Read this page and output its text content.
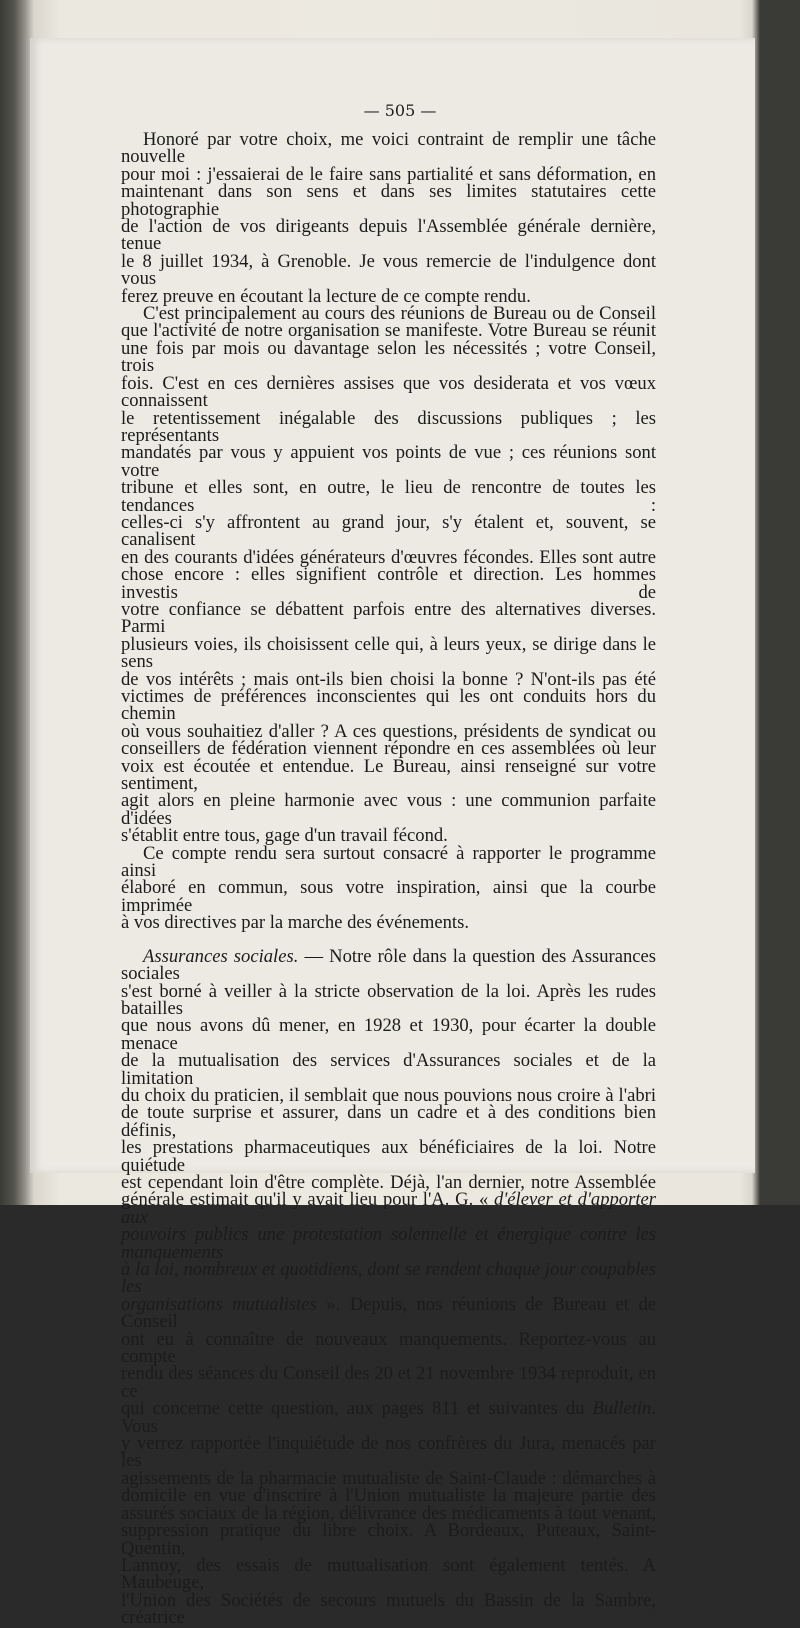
— 505 —

Honoré par votre choix, me voici contraint de remplir une tâche nouvelle
pour moi : j'essaierai de le faire sans partialité et sans déformation, en
maintenant dans son sens et dans ses limites statutaires cette photographie
de l'action de vos dirigeants depuis l'Assemblée générale dernière, tenue
le 8 juillet 1934, à Grenoble. Je vous remercie de l'indulgence dont vous
ferez preuve en écoutant la lecture de ce compte rendu.

C'est principalement au cours des réunions de Bureau ou de Conseil
que l'activité de notre organisation se manifeste. Votre Bureau se réunit
une fois par mois ou davantage selon les nécessités ; votre Conseil, trois
fois. C'est en ces dernières assises que vos desiderata et vos vœux connaissent
le retentissement inégalable des discussions publiques ; les représentants
mandatés par vous y appuient vos points de vue ; ces réunions sont votre
tribune et elles sont, en outre, le lieu de rencontre de toutes les tendances :
celles-ci s'y affrontent au grand jour, s'y étalent et, souvent, se canalisent
en des courants d'idées générateurs d'œuvres fécondes. Elles sont autre
chose encore : elles signifient contrôle et direction. Les hommes investis de
votre confiance se débattent parfois entre des alternatives diverses. Parmi
plusieurs voies, ils choisissent celle qui, à leurs yeux, se dirige dans le sens
de vos intérêts ; mais ont-ils bien choisi la bonne ? N'ont-ils pas été
victimes de préférences inconscientes qui les ont conduits hors du chemin
où vous souhaitiez d'aller ? A ces questions, présidents de syndicat ou
conseillers de fédération viennent répondre en ces assemblées où leur
voix est écoutée et entendue. Le Bureau, ainsi renseigné sur votre sentiment,
agit alors en pleine harmonie avec vous : une communion parfaite d'idées
s'établit entre tous, gage d'un travail fécond.

Ce compte rendu sera surtout consacré à rapporter le programme ainsi
élaboré en commun, sous votre inspiration, ainsi que la courbe imprimée
à vos directives par la marche des événements.

Assurances sociales. — Notre rôle dans la question des Assurances sociales
s'est borné à veiller à la stricte observation de la loi. Après les rudes batailles
que nous avons dû mener, en 1928 et 1930, pour écarter la double menace
de la mutualisation des services d'Assurances sociales et de la limitation
du choix du praticien, il semblait que nous pouvions nous croire à l'abri
de toute surprise et assurer, dans un cadre et à des conditions bien définis,
les prestations pharmaceutiques aux bénéficiaires de la loi. Notre quiétude
est cependant loin d'être complète. Déjà, l'an dernier, notre Assemblée
générale estimait qu'il y avait lieu pour l'A. G. « d'élever et d'apporter aux
pouvoirs publics une protestation solennelle et énergique contre les manquements
à la loi, nombreux et quotidiens, dont se rendent chaque jour coupables les
organisations mutualistes ». Depuis, nos réunions de Bureau et de Conseil
ont eu à connaître de nouveaux manquements. Reportez-vous au compte
rendu des séances du Conseil des 20 et 21 novembre 1934 reproduit, en ce
qui concerne cette question, aux pages 811 et suivantes du Bulletin. Vous
y verrez rapportée l'inquiétude de nos confrères du Jura, menacés par les
agissements de la pharmacie mutualiste de Saint-Claude : démarches à
domicile en vue d'inscrire à l'Union mutualiste la majeure partie des
assurés sociaux de la région, délivrance des médicaments à tout venant,
suppression pratique du libre choix. A Bordeaux, Puteaux, Saint-Quentin,
Lannoy, des essais de mutualisation sont également tentés. A Maubeuge,
l'Union des Sociétés de secours mutuels du Bassin de la Sambre, créatrice
